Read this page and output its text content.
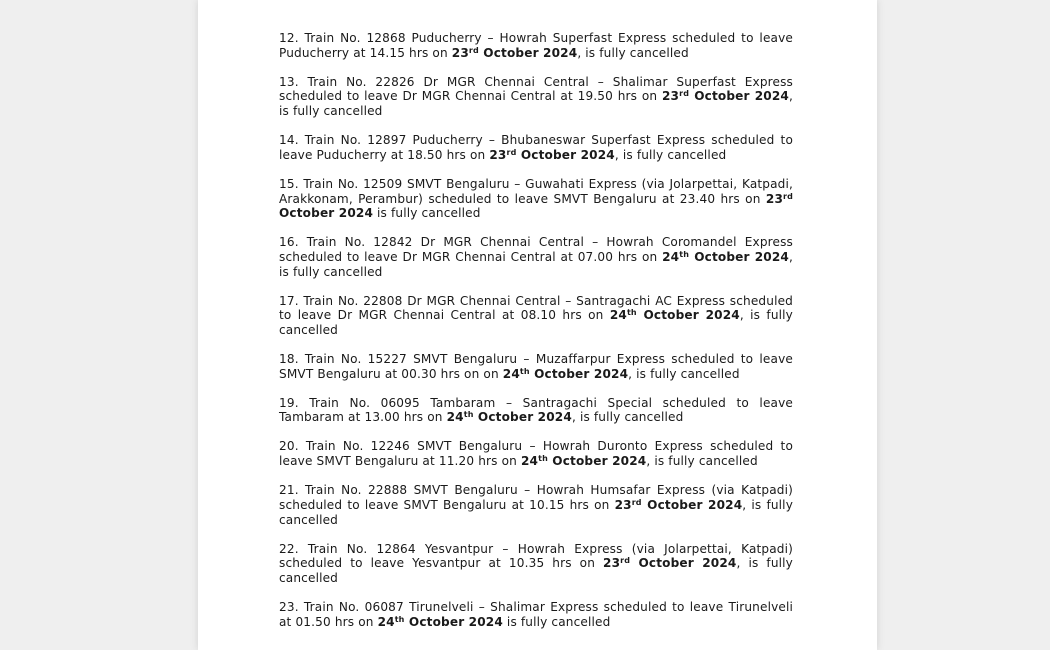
12. Train No. 12868 Puducherry – Howrah Superfast Express scheduled to leave Puducherry at 14.15 hrs on 23rd October 2024, is fully cancelled

13. Train No. 22826 Dr MGR Chennai Central – Shalimar Superfast Express scheduled to leave Dr MGR Chennai Central at 19.50 hrs on 23rd October 2024, is fully cancelled

14. Train No. 12897 Puducherry – Bhubaneswar Superfast Express scheduled to leave Puducherry at 18.50 hrs on 23rd October 2024, is fully cancelled

15. Train No. 12509 SMVT Bengaluru – Guwahati Express (via Jolarpettai, Katpadi, Arakkonam, Perambur) scheduled to leave SMVT Bengaluru at 23.40 hrs on 23rd October 2024 is fully cancelled

16. Train No. 12842 Dr MGR Chennai Central – Howrah Coromandel Express scheduled to leave Dr MGR Chennai Central at 07.00 hrs on 24th October 2024, is fully cancelled

17. Train No. 22808 Dr MGR Chennai Central – Santragachi AC Express scheduled to leave Dr MGR Chennai Central at 08.10 hrs on 24th October 2024, is fully cancelled

18. Train No. 15227 SMVT Bengaluru – Muzaffarpur Express scheduled to leave SMVT Bengaluru at 00.30 hrs on on 24th October 2024, is fully cancelled

19. Train No. 06095 Tambaram – Santragachi Special scheduled to leave Tambaram at 13.00 hrs on 24th October 2024, is fully cancelled

20. Train No. 12246 SMVT Bengaluru – Howrah Duronto Express scheduled to leave SMVT Bengaluru at 11.20 hrs on 24th October 2024, is fully cancelled

21. Train No. 22888 SMVT Bengaluru – Howrah Humsafar Express (via Katpadi) scheduled to leave SMVT Bengaluru at 10.15 hrs on 23rd October 2024, is fully cancelled

22. Train No. 12864 Yesvantpur – Howrah Express (via Jolarpettai, Katpadi) scheduled to leave Yesvantpur at 10.35 hrs on 23rd October 2024, is fully cancelled

23. Train No. 06087 Tirunelveli – Shalimar Express scheduled to leave Tirunelveli at 01.50 hrs on 24th October 2024 is fully cancelled
